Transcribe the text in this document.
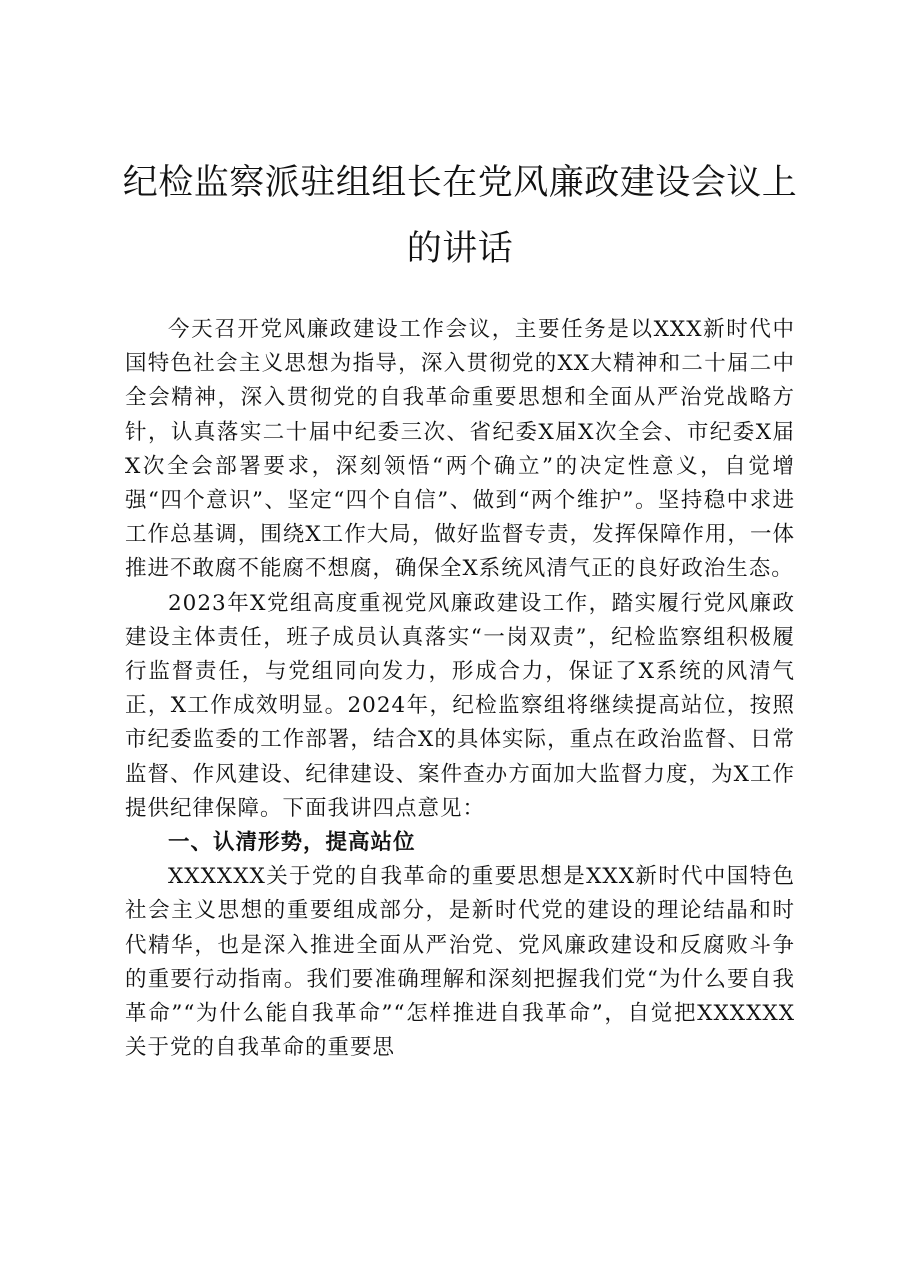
纪检监察派驻组组长在党风廉政建设会议上的讲话

今天召开党风廉政建设工作会议，主要任务是以XXX新时代中国特色社会主义思想为指导，深入贯彻党的XX大精神和二十届二中全会精神，深入贯彻党的自我革命重要思想和全面从严治党战略方针，认真落实二十届中纪委三次、省纪委X届X次全会、市纪委X届X次全会部署要求，深刻领悟“两个确立”的决定性意义，自觉增强“四个意识”、坚定“四个自信”、做到“两个维护”。坚持稳中求进工作总基调，围绕X工作大局，做好监督专责，发挥保障作用，一体推进不敢腐不能腐不想腐，确保全X系统风清气正的良好政治生态。

2023年X党组高度重视党风廉政建设工作，踏实履行党风廉政建设主体责任，班子成员认真落实“一岗双责”，纪检监察组积极履行监督责任，与党组同向发力，形成合力，保证了X系统的风清气正，X工作成效明显。2024年，纪检监察组将继续提高站位，按照市纪委监委的工作部署，结合X的具体实际，重点在政治监督、日常监督、作风建设、纪律建设、案件查办方面加大监督力度，为X工作提供纪律保障。下面我讲四点意见：

一、认清形势，提高站位

XXXXXX关于党的自我革命的重要思想是XXX新时代中国特色社会主义思想的重要组成部分，是新时代党的建设的理论结晶和时代精华，也是深入推进全面从严治党、党风廉政建设和反腐败斗争的重要行动指南。我们要准确理解和深刻把握我们党“为什么要自我革命”“为什么能自我革命”“怎样推进自我革命”，自觉把XXXXXX关于党的自我革命的重要思
